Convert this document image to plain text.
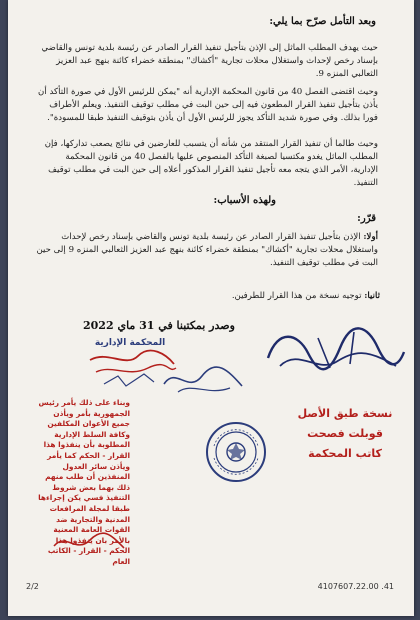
وبعد التأمل صرّح بما يلي:
حيث يهدف المطلب الماثل إلى الإذن بتأجيل تنفيذ القرار الصادر عن رئيسة بلدية تونس والقاضي بإسناد رخص لإحداث واستغلال محلات تجارية "أكشاك" بمنطقة خضراء كائنة بنهج عبد العزيز الثعالبي المنزه 9.
وحيث اقتضى الفصل 40 من قانون المحكمة الإدارية أنه "يمكن للرئيس الأول في صورة التأكد أن يأذن بتأجيل تنفيذ القرار المطعون فيه إلى حين البت في مطلب توقيف التنفيذ. ويعلم الأطراف فورا بذلك. وفي صورة شديد التأكد يجوز للرئيس الأول أن يأذن بتوقيف التنفيذ طبقا للمسودة".
وحيث طالما أن تنفيذ القرار المنتقد من شأنه أن يتسبب للعارضين في نتائج يصعب تداركها، فإن المطلب الماثل يغدو مكتسيا لصبغة التأكد المنصوص عليها بالفصل 40 من قانون المحكمة الإدارية، الأمر الذي يتجه معه تأجيل تنفيذ القرار المذكور أعلاه إلى حين البت في مطلب توقيف التنفيذ.
ولهذه الأسباب:
قرّر:
أولا: الإذن بتأجيل تنفيذ القرار الصادر عن رئيسة بلدية تونس والقاضي بإسناد رخص لإحداث واستغلال محلات تجارية "أكشاك" بمنطقة خضراء كائنة بنهج عبد العزيز الثعالبي المنزه 9 إلى حين البت في مطلب توقيف التنفيذ.
ثانيا: توجيه نسخة من هذا القرار للطرفين.
وصدر بمكتبنا في 31 ماي 2022
المحكمة الإدارية
وبناء على ذلك يأمر رئيس الجمهورية بأمر ويأذن جميع الأعوان المكلفين وكافة السلط الإدارية المطلوبة بأن ينفذوا هذا القرار - الحكم كما يأمر ويأذن سائر العدول المنفذين أن طلب منهم ذلك بهما بعض شروط التنفيذ فسي يكن إجراءها طبقا لمجلة المرافعات المدنية والتجارية ضد القوات العامة المعنية بالأمر بان ينفذوا هذا الحكم - القرار - الكاتب العام
نسخة طبق الأصل
قوبلت فصحت
كاتب المحكمة
2/2	4107607.22.00 .41
